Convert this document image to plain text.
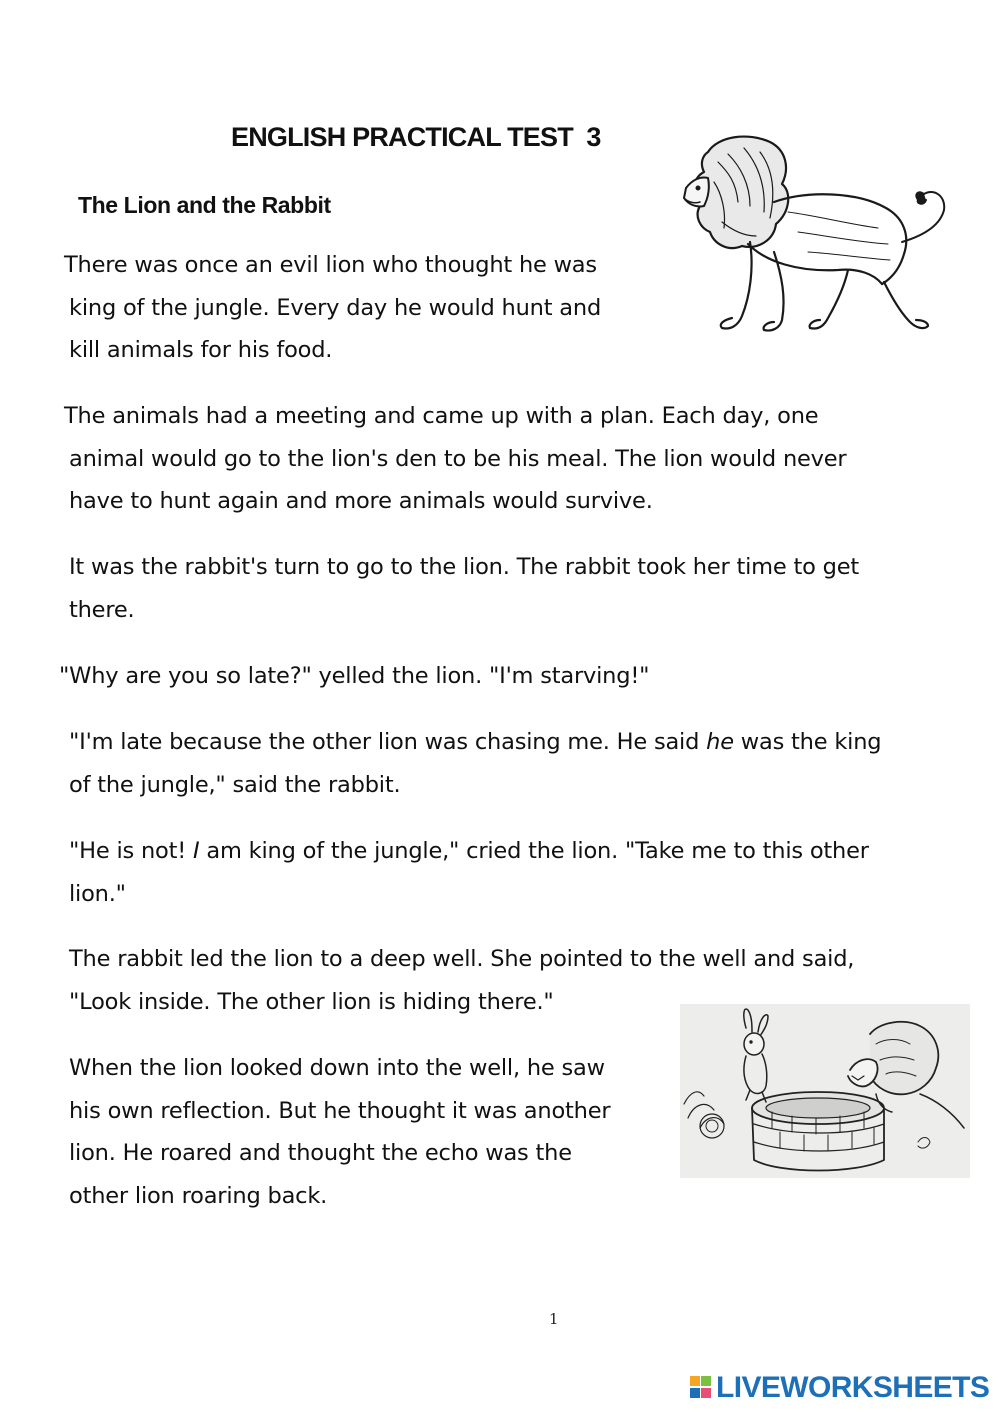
ENGLISH PRACTICAL TEST  3
The Lion and the Rabbit

There was once an evil lion who thought he was
king of the jungle. Every day he would hunt and
kill animals for his food.

The animals had a meeting and came up with a plan. Each day, one
animal would go to the lion's den to be his meal. The lion would never
have to hunt again and more animals would survive.

It was the rabbit's turn to go to the lion. The rabbit took her time to get
there.

"Why are you so late?" yelled the lion. "I'm starving!"

"I'm late because the other lion was chasing me. He said he was the king
of the jungle," said the rabbit.

"He is not! I am king of the jungle," cried the lion. "Take me to this other
lion."

The rabbit led the lion to a deep well. She pointed to the well and said,
"Look inside. The other lion is hiding there."

When the lion looked down into the well, he saw
his own reflection. But he thought it was another
lion. He roared and thought the echo was the
other lion roaring back.

1
LIVEWORKSHEETS
